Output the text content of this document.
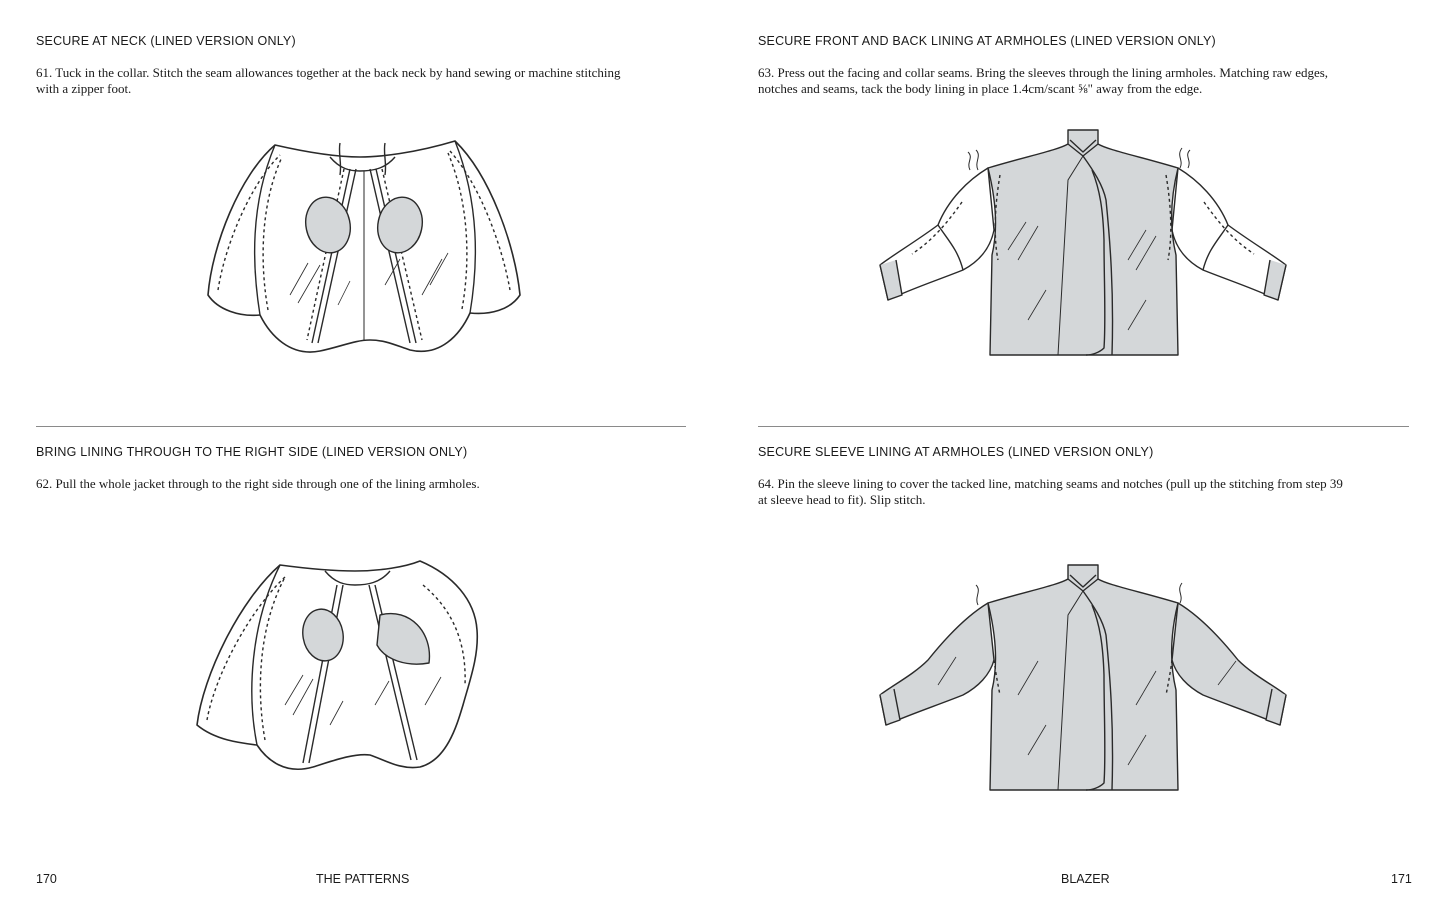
SECURE AT NECK (LINED VERSION ONLY)
61. Tuck in the collar. Stitch the seam allowances together at the back neck by hand sewing or machine stitching
with a zipper foot.
BRING LINING THROUGH TO THE RIGHT SIDE (LINED VERSION ONLY)
62. Pull the whole jacket through to the right side through one of the lining armholes.
170	THE PATTERNS
SECURE FRONT AND BACK LINING AT ARMHOLES (LINED VERSION ONLY)
63. Press out the facing and collar seams. Bring the sleeves through the lining armholes. Matching raw edges,
notches and seams, tack the body lining in place 1.4cm/scant ⅝" away from the edge.
SECURE SLEEVE LINING AT ARMHOLES (LINED VERSION ONLY)
64. Pin the sleeve lining to cover the tacked line, matching seams and notches (pull up the stitching from step 39
at sleeve head to fit). Slip stitch.
BLAZER	171
